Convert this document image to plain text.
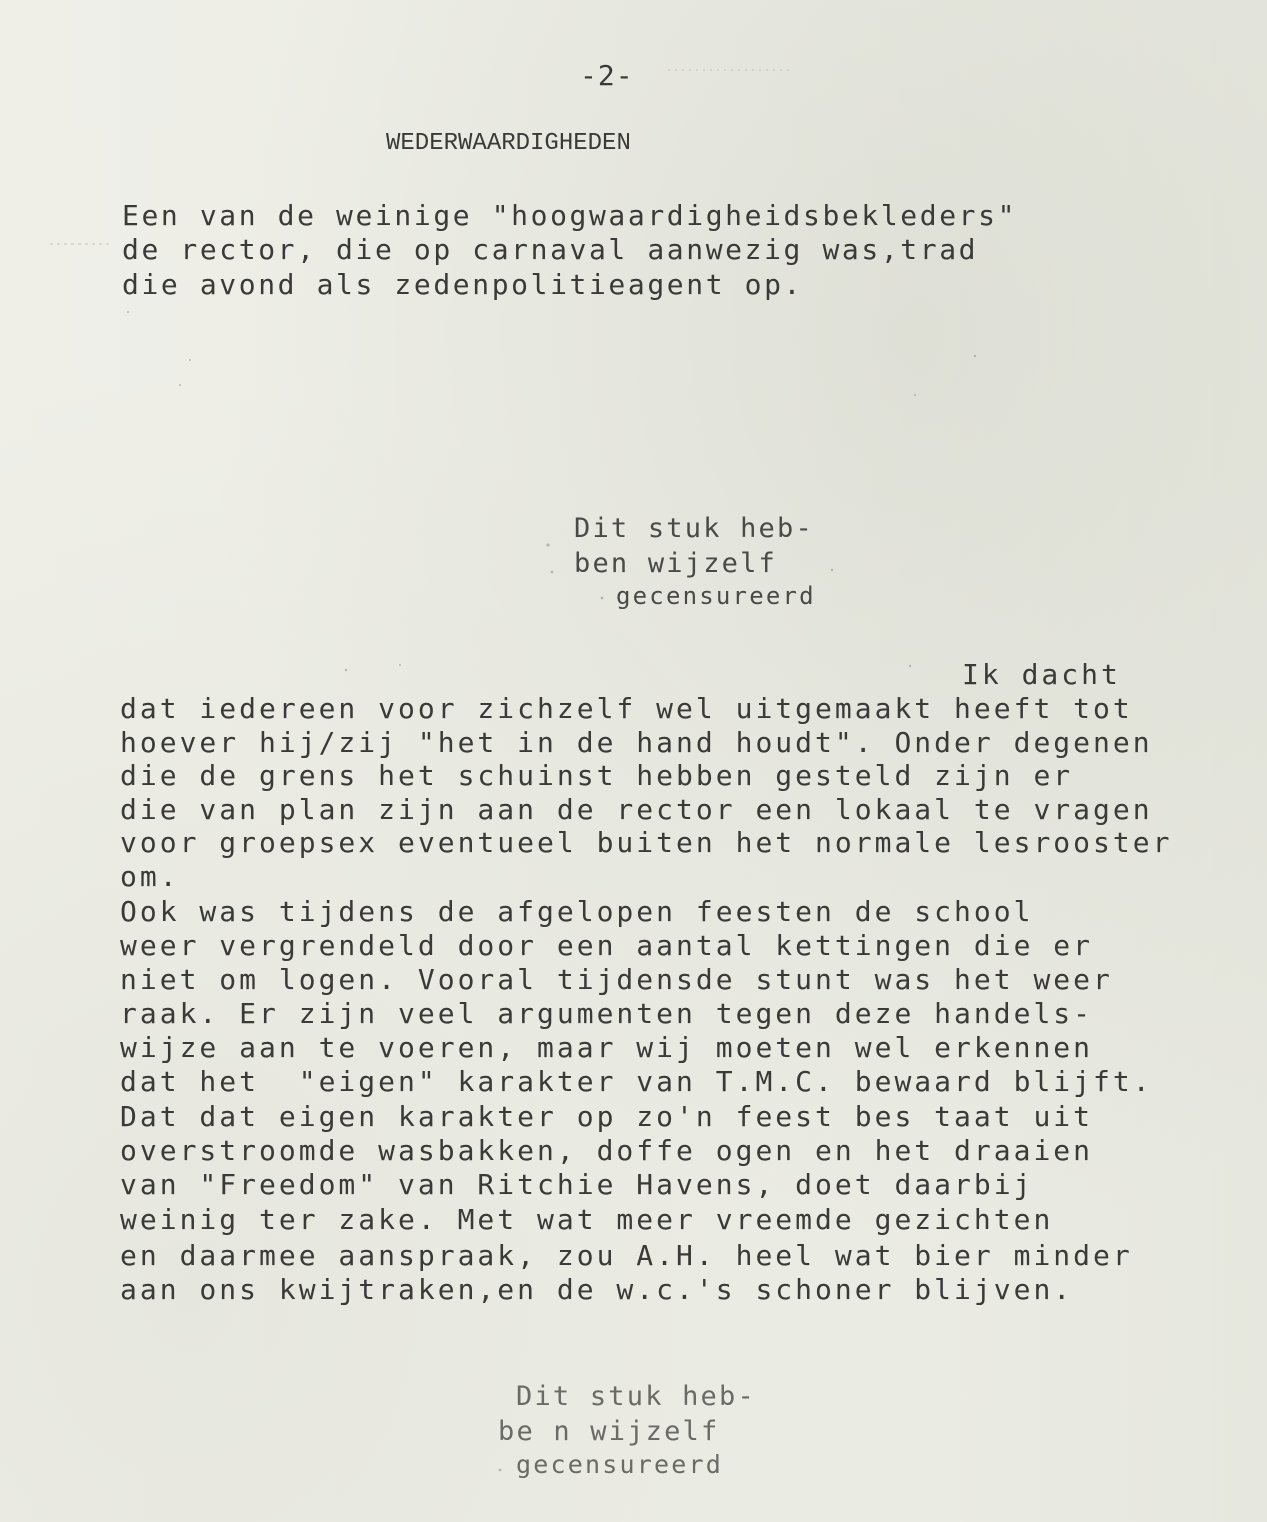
-2-
WEDERWAARDIGHEDEN
Een van de weinige "hoogwaardigheidsbekleders"
de rector, die op carnaval aanwezig was,trad
die avond als zedenpolitieagent op.
Dit stuk heb-
ben wijzelf
gecensureerd
Ik dacht
dat iedereen voor zichzelf wel uitgemaakt heeft tot
hoever hij/zij "het in de hand houdt". Onder degenen
die de grens het schuinst hebben gesteld zijn er
die van plan zijn aan de rector een lokaal te vragen
voor groepsex eventueel buiten het normale lesrooster
om.
Ook was tijdens de afgelopen feesten de school
weer vergrendeld door een aantal kettingen die er
niet om logen. Vooral tijdensde stunt was het weer
raak. Er zijn veel argumenten tegen deze handels-
wijze aan te voeren, maar wij moeten wel erkennen
dat het  "eigen" karakter van T.M.C. bewaard blijft.
Dat dat eigen karakter op zo'n feest bes taat uit
overstroomde wasbakken, doffe ogen en het draaien
van "Freedom" van Ritchie Havens, doet daarbij
weinig ter zake. Met wat meer vreemde gezichten
en daarmee aanspraak, zou A.H. heel wat bier minder
aan ons kwijtraken,en de w.c.'s schoner blijven.
Dit stuk heb-
be n wijzelf
gecensureerd
